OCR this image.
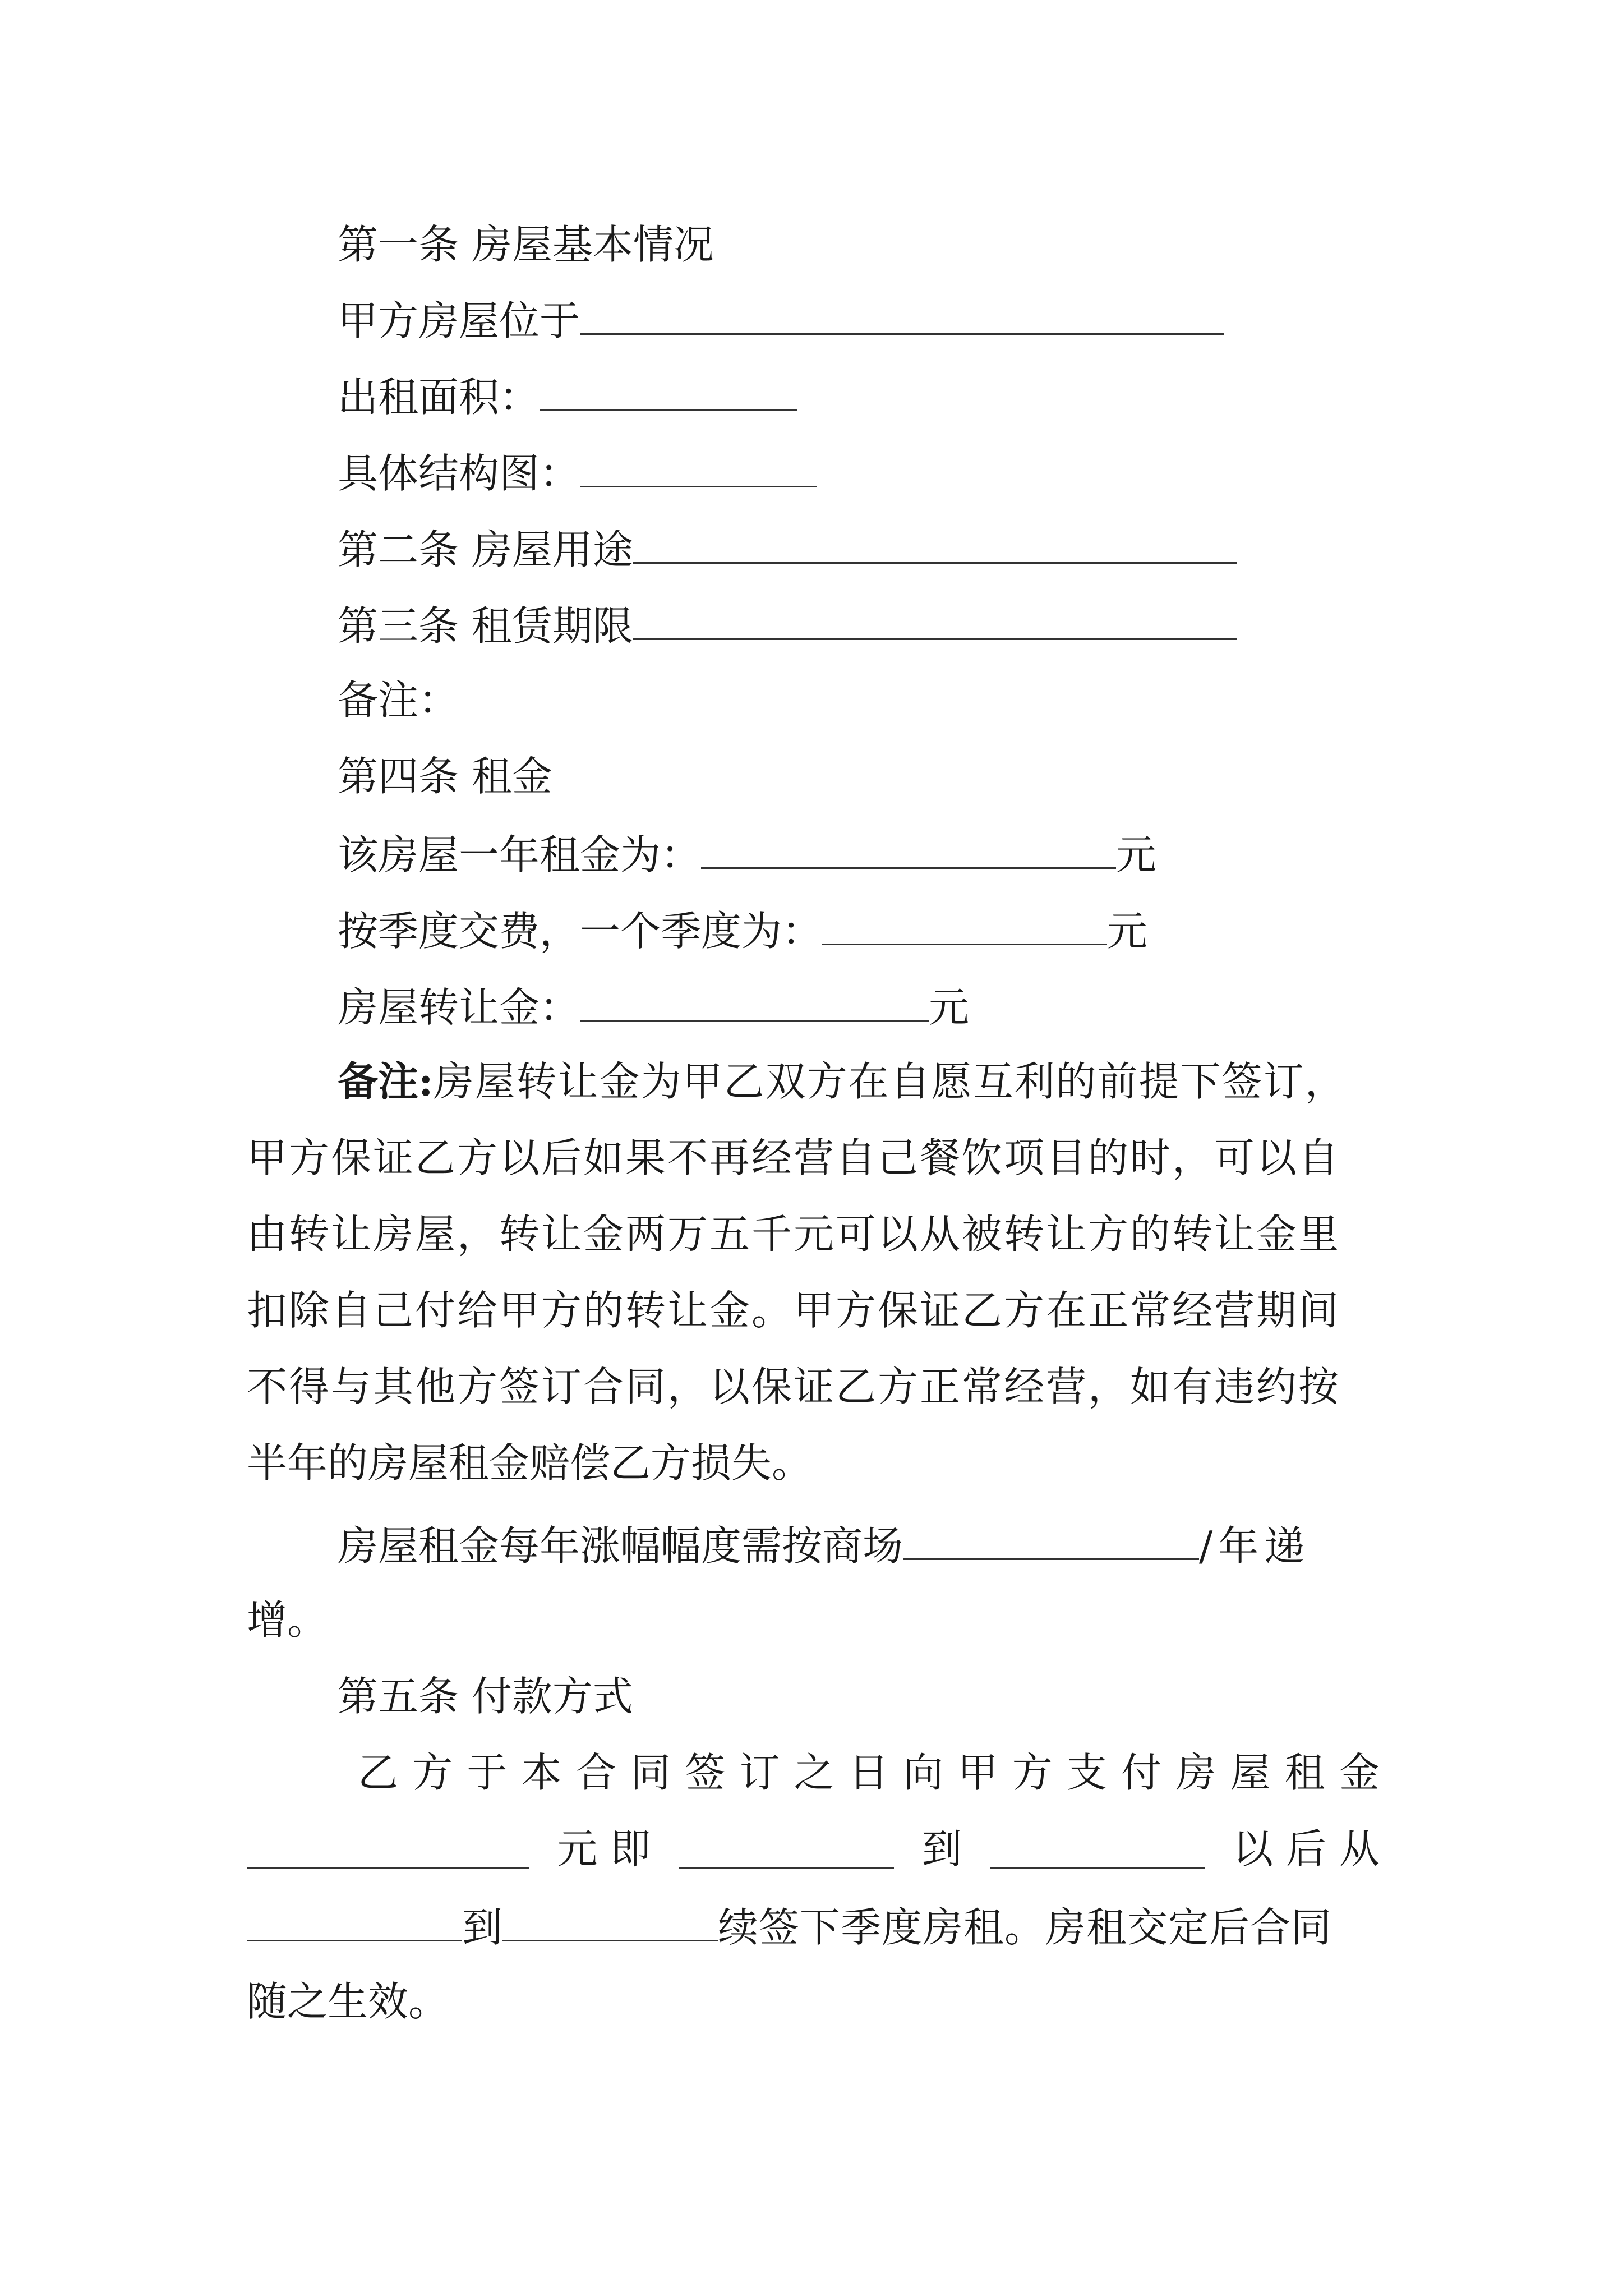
第一条 房屋基本情况
甲方房屋位于
出租面积：
具体结构图：
第二条 房屋用途
第三条 租赁期限
备注：
第四条 租金
该房屋一年租金为：	元
按季度交费，一个季度为：	元
房屋转让金：	元
备注:房屋转让金为甲乙双方在自愿互利的前提下签订，
甲方保证乙方以后如果不再经营自己餐饮项目的时，可以自
由转让房屋，转让金两万五千元可以从被转让方的转让金里
扣除自己付给甲方的转让金。甲方保证乙方在正常经营期间
不得与其他方签订合同，以保证乙方正常经营，如有违约按
半年的房屋租金赔偿乙方损失。
房屋租金每年涨幅幅度需按商场	/年递
增。
第五条 付款方式
乙 方 于 本 合 同 签 订 之 日 向 甲 方 支 付 房 屋 租 金
元 即	到	以 后 从
到	续签下季度房租。房租交定后合同
随之生效。
